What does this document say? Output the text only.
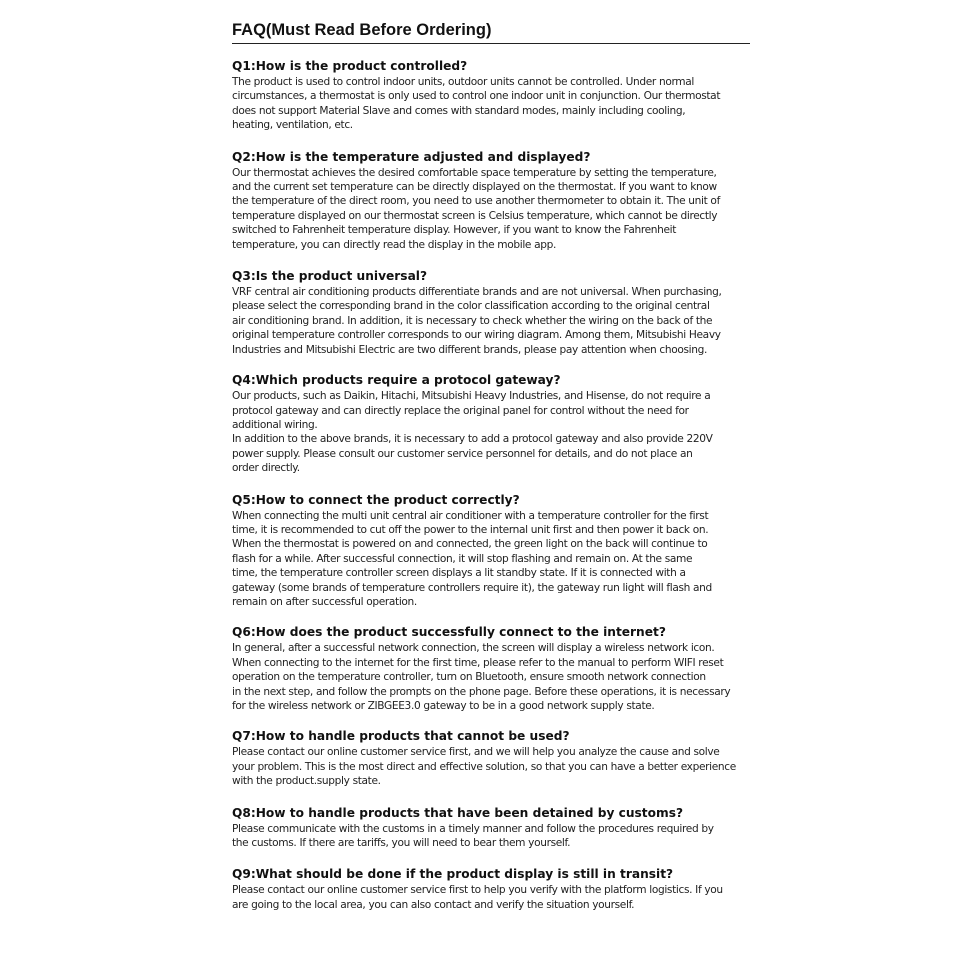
FAQ(Must Read Before Ordering)
Q1:How is the product controlled?
The product is used to control indoor units, outdoor units cannot be controlled. Under normal
circumstances, a thermostat is only used to control one indoor unit in conjunction. Our thermostat
does not support Material Slave and comes with standard modes, mainly including cooling,
heating, ventilation, etc.
Q2:How is the temperature adjusted and displayed?
Our thermostat achieves the desired comfortable space temperature by setting the temperature,
and the current set temperature can be directly displayed on the thermostat. If you want to know
the temperature of the direct room, you need to use another thermometer to obtain it. The unit of
temperature displayed on our thermostat screen is Celsius temperature, which cannot be directly
switched to Fahrenheit temperature display. However, if you want to know the Fahrenheit
temperature, you can directly read the display in the mobile app.
Q3:Is the product universal?
VRF central air conditioning products differentiate brands and are not universal. When purchasing,
please select the corresponding brand in the color classification according to the original central
air conditioning brand. In addition, it is necessary to check whether the wiring on the back of the
original temperature controller corresponds to our wiring diagram. Among them, Mitsubishi Heavy
Industries and Mitsubishi Electric are two different brands, please pay attention when choosing.
Q4:Which products require a protocol gateway?
Our products, such as Daikin, Hitachi, Mitsubishi Heavy Industries, and Hisense, do not require a
protocol gateway and can directly replace the original panel for control without the need for
additional wiring.
In addition to the above brands, it is necessary to add a protocol gateway and also provide 220V
power supply. Please consult our customer service personnel for details, and do not place an
order directly.
Q5:How to connect the product correctly?
When connecting the multi unit central air conditioner with a temperature controller for the first
time, it is recommended to cut off the power to the internal unit first and then power it back on.
When the thermostat is powered on and connected, the green light on the back will continue to
flash for a while. After successful connection, it will stop flashing and remain on. At the same
time, the temperature controller screen displays a lit standby state. If it is connected with a
gateway (some brands of temperature controllers require it), the gateway run light will flash and
remain on after successful operation.
Q6:How does the product successfully connect to the internet?
In general, after a successful network connection, the screen will display a wireless network icon.
When connecting to the internet for the first time, please refer to the manual to perform WIFI reset
operation on the temperature controller, turn on Bluetooth, ensure smooth network connection
in the next step, and follow the prompts on the phone page. Before these operations, it is necessary
for the wireless network or ZIBGEE3.0 gateway to be in a good network supply state.
Q7:How to handle products that cannot be used?
Please contact our online customer service first, and we will help you analyze the cause and solve
your problem. This is the most direct and effective solution, so that you can have a better experience
with the product.supply state.
Q8:How to handle products that have been detained by customs?
Please communicate with the customs in a timely manner and follow the procedures required by
the customs. If there are tariffs, you will need to bear them yourself.
Q9:What should be done if the product display is still in transit?
Please contact our online customer service first to help you verify with the platform logistics. If you
are going to the local area, you can also contact and verify the situation yourself.
